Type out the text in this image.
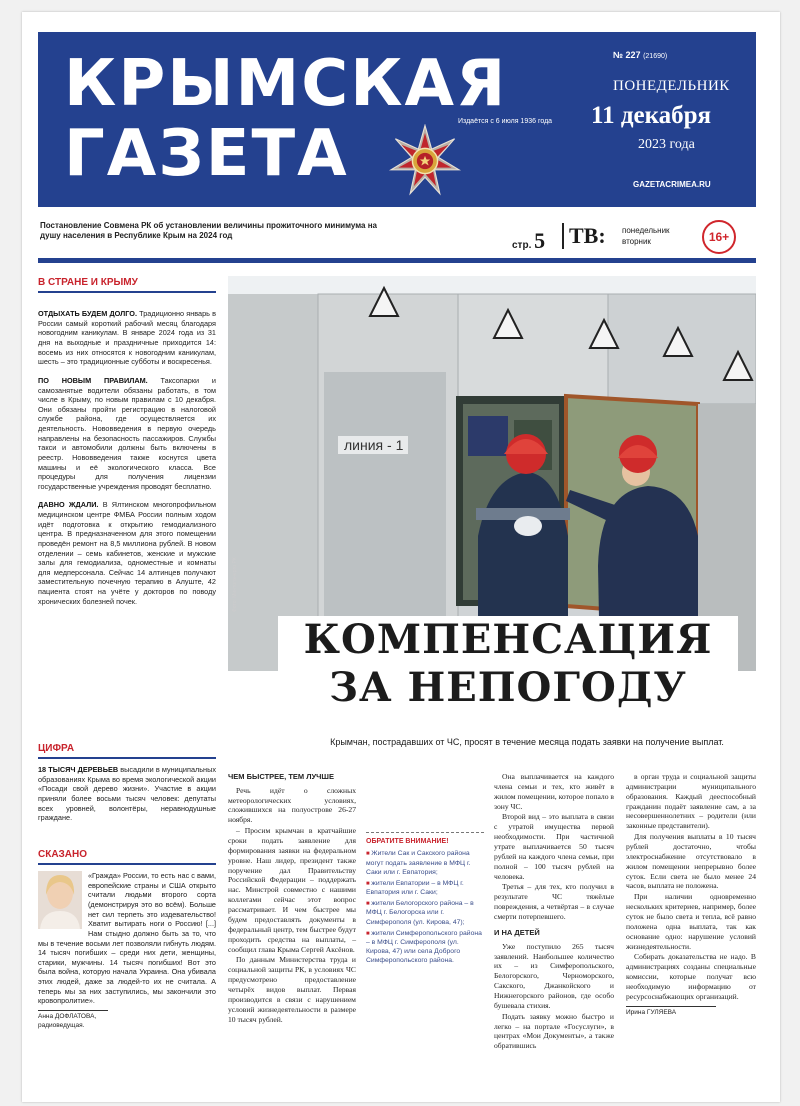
КРЫМСКАЯ
ГАЗЕТА	Издаётся с 6 июля 1936 года
№ 227 (21690)
ПОНЕДЕЛЬНИК
11 декабря
2023 года
GAZETACRIMEA.RU
Постановление Совмена РК об установлении величины прожиточного минимума на душу населения в Республике Крым на 2024 год
стр. 5	ТВ: понедельник
вторник	16+
В СТРАНЕ И КРЫМУ

ОТДЫХАТЬ БУДЕМ ДОЛГО. Традиционно январь в России самый короткий рабочий месяц благодаря новогодним каникулам. В январе 2024 года из 31 дня на выходные и праздничные приходится 14: восемь из них относятся к новогодним каникулам, шесть – это традиционные субботы и воскресенья.

ПО НОВЫМ ПРАВИЛАМ. Таксопарки и самозанятые водители обязаны работать, в том числе в Крыму, по новым правилам с 10 декабря. Они обязаны пройти регистрацию в налоговой службе района, где осуществляется их деятельность. Нововведения в первую очередь направлены на безопасность пассажиров. Службы такси и автомобили должны быть включены в реестр. Нововведения также коснутся цвета машины и её экологического класса. Все процедуры для получения лицензии государственные учреждения проводят бесплатно.

ДАВНО ЖДАЛИ. В Ялтинском многопрофильном медицинском центре ФМБА России полным ходом идёт подготовка к открытию гемодиализного центра. В предназначенном для этого помещении проведён ремонт на 8,5 миллиона рублей. В новом отделении – семь кабинетов, женские и мужские залы для гемодиализа, одноместные и комнаты для медперсонала. Сейчас 14 алтинцев получают заместительную почечную терапию в Алуште, 42 пациента стоят на учёте у докторов по поводу хронических болезней почек.

ЦИФРА

18 ТЫСЯЧ ДЕРЕВЬЕВ высадили в муниципальных образованиях Крыма во время экологической акции «Посади свой дерево жизни». Участие в акции приняли более восьми тысяч человек: депутаты всех уровней, волонтёры, неравнодушные граждане.

СКАЗАНО

«Гражда» России, то есть нас с вами, европейские страны и США открыто считали людьми второго сорта (демонстрируя это во всём). Больше нет сил терпеть это издевательство! Хватит вытирать ноги о Россию! [...] Нам стыдно должно быть за то, что мы в течение восьми лет позволяли гибнуть людям. 14 тысяч погибших – среди них дети, женщины, старики, мужчины. 14 тысяч погибших! Вот это была война, которую начала Украина. Она убивала этих людей, даже за людей-то их не считала. А теперь мы за них заступились, мы закончили это кровопролитие».

Анна ДОФЛАТОВА,
радиоведущая.
линия - 1
Фото: Минтопэнерго РК
КОМПЕНСАЦИЯ
ЗА НЕПОГОДУ
Крымчан, пострадавших от ЧС, просят в течение месяца подать заявки на получение выплат.
ЧЕМ БЫСТРЕЕ, ТЕМ ЛУЧШЕ

Речь идёт о сложных метеорологических условиях, сложившихся на полуострове 26-27 ноября.

– Просим крымчан в кратчайшие сроки подать заявление для формирования заявки на федеральном уровне. Наш лидер, президент также поручение дал Правительству Российской Федерации – поддержать нас. Минстрой совместно с нашими коллегами сейчас этот вопрос рассматривает. И чем быстрее мы будем предоставлять документы в федеральный центр, тем быстрее будут проходить средства на выплаты, – сообщил глава Крыма Сергей Аксёнов.

По данным Министерства труда и социальной защиты РК, в условиях ЧС предусмотрено предоставление четырёх видов выплат. Первая производится в связи с нарушением условий жизнедеятельности в размере 10 тысяч рублей.

ОБРАТИТЕ ВНИМАНИЕ!
■ Жители Сак и Сакского района могут подать заявление в МФЦ г. Саки или г. Евпатория;
■ жители Евпатории – в МФЦ г. Евпатория или г. Саки;
■ жители Белогорского района – в МФЦ г. Белогорска или г. Симферополя (ул. Кирова, 47);
■ жители Симферопольского района – в МФЦ г. Симферополя (ул. Кирова, 47) или села Доброго Симферопольского района.

Она выплачивается на каждого члена семьи и тех, кто живёт в жилом помещении, которое попало в зону ЧС.

Второй вид – это выплата в связи с утратой имущества первой необходимости. При частичной утрате выплачивается 50 тысяч рублей на каждого члена семьи, при полной – 100 тысяч рублей на человека.

Третья – для тех, кто получил в результате ЧС тяжёлые повреждения, а четвёртая – в случае смерти потерпевшего.

И НА ДЕТЕЙ

Уже поступило 265 тысяч заявлений. Наибольшее количество их – из Симферопольского, Белогорского, Черноморского, Сакского, Джанкойского и Нижнегорского районов, где особо бушевала стихия.

Подать заявку можно быстро и легко – на портале «Госуслуги», в центрах «Мои Документы», а также обратившись

в орган труда и социальной защиты администрации муниципального образования. Каждый дееспособный гражданин подаёт заявление сам, а за несовершеннолетних – родители (или законные представители).

Для получения выплаты в 10 тысяч рублей достаточно, чтобы электроснабжение отсутствовало в жилом помещении непрерывно более суток. Если света не было менее 24 часов, выплата не положена.

При наличии одновременно нескольких критериев, например, более суток не было света и тепла, всё равно положена одна выплата, так как основание одно: нарушение условий жизнедеятельности.

Собирать доказательства не надо. В администрациях созданы специальные комиссии, которые получат всю необходимую информацию от ресурсоснабжающих организаций.

Ирина ГУЛЯЕВА
